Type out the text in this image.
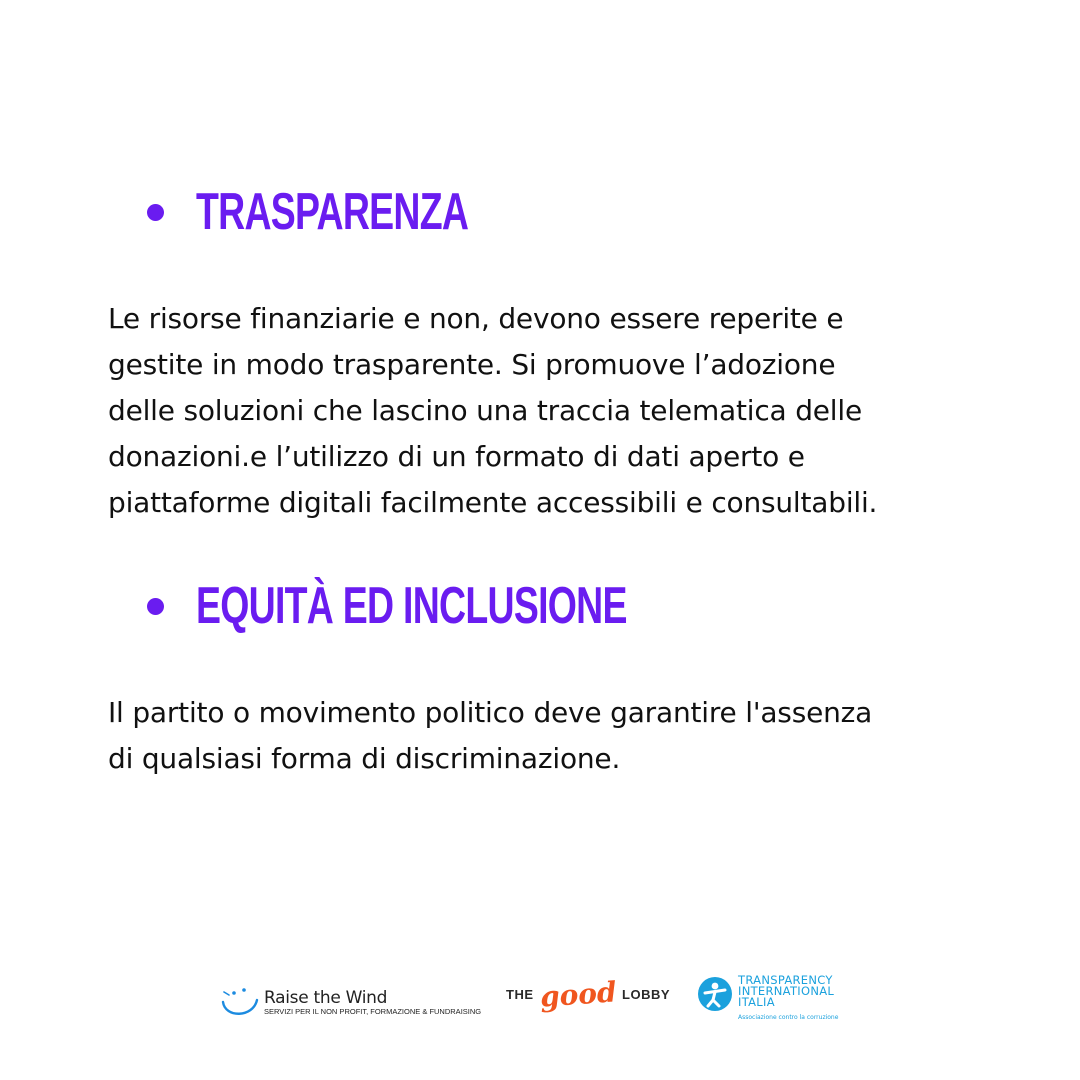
TRASPARENZA
Le risorse finanziarie e non, devono essere reperite e
gestite in modo trasparente. Si promuove l’adozione
delle soluzioni che lascino una traccia telematica delle
donazioni.e l’utilizzo di un formato di dati aperto e
piattaforme digitali facilmente accessibili e consultabili.
EQUITÀ ED INCLUSIONE
Il partito o movimento politico deve garantire l'assenza
di qualsiasi forma di discriminazione.
Raise the Wind
SERVIZI PER IL NON PROFIT, FORMAZIONE & FUNDRAISING
THE good LOBBY
TRANSPARENCY
INTERNATIONAL
ITALIA
Associazione contro la corruzione
